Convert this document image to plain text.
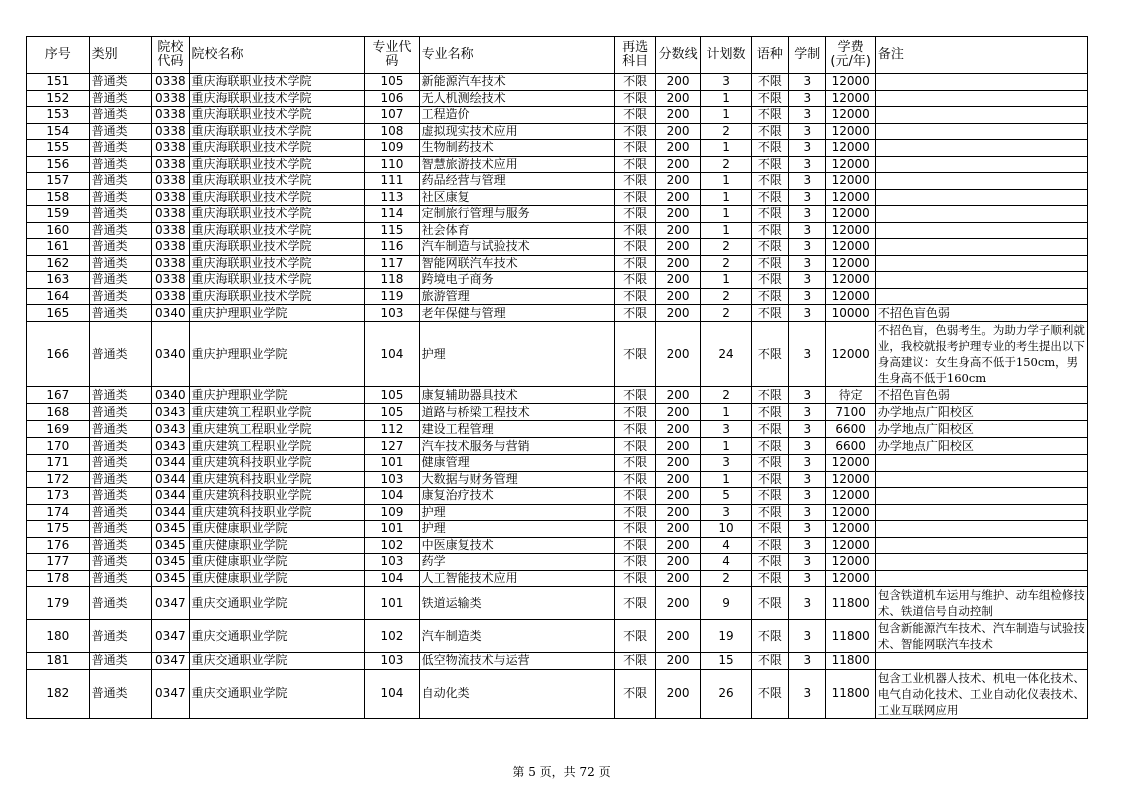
序号	类别	院校代码	院校名称	专业代码	专业名称	再选科目	分数线	计划数	语种	学制	学费(元/年)	备注
151	普通类	0338	重庆海联职业技术学院	105	新能源汽车技术	不限	200	3	不限	3	12000	
152	普通类	0338	重庆海联职业技术学院	106	无人机测绘技术	不限	200	1	不限	3	12000	
153	普通类	0338	重庆海联职业技术学院	107	工程造价	不限	200	1	不限	3	12000	
154	普通类	0338	重庆海联职业技术学院	108	虚拟现实技术应用	不限	200	2	不限	3	12000	
155	普通类	0338	重庆海联职业技术学院	109	生物制药技术	不限	200	1	不限	3	12000	
156	普通类	0338	重庆海联职业技术学院	110	智慧旅游技术应用	不限	200	2	不限	3	12000	
157	普通类	0338	重庆海联职业技术学院	111	药品经营与管理	不限	200	1	不限	3	12000	
158	普通类	0338	重庆海联职业技术学院	113	社区康复	不限	200	1	不限	3	12000	
159	普通类	0338	重庆海联职业技术学院	114	定制旅行管理与服务	不限	200	1	不限	3	12000	
160	普通类	0338	重庆海联职业技术学院	115	社会体育	不限	200	1	不限	3	12000	
161	普通类	0338	重庆海联职业技术学院	116	汽车制造与试验技术	不限	200	2	不限	3	12000	
162	普通类	0338	重庆海联职业技术学院	117	智能网联汽车技术	不限	200	2	不限	3	12000	
163	普通类	0338	重庆海联职业技术学院	118	跨境电子商务	不限	200	1	不限	3	12000	
164	普通类	0338	重庆海联职业技术学院	119	旅游管理	不限	200	2	不限	3	12000	
165	普通类	0340	重庆护理职业学院	103	老年保健与管理	不限	200	2	不限	3	10000	不招色盲色弱
166	普通类	0340	重庆护理职业学院	104	护理	不限	200	24	不限	3	12000	不招色盲，色弱考生。为助力学子顺利就业，我校就报考护理专业的考生提出以下身高建议：女生身高不低于150cm，男生身高不低于160cm
167	普通类	0340	重庆护理职业学院	105	康复辅助器具技术	不限	200	2	不限	3	待定	不招色盲色弱
168	普通类	0343	重庆建筑工程职业学院	105	道路与桥梁工程技术	不限	200	1	不限	3	7100	办学地点广阳校区
169	普通类	0343	重庆建筑工程职业学院	112	建设工程管理	不限	200	3	不限	3	6600	办学地点广阳校区
170	普通类	0343	重庆建筑工程职业学院	127	汽车技术服务与营销	不限	200	1	不限	3	6600	办学地点广阳校区
171	普通类	0344	重庆建筑科技职业学院	101	健康管理	不限	200	3	不限	3	12000	
172	普通类	0344	重庆建筑科技职业学院	103	大数据与财务管理	不限	200	1	不限	3	12000	
173	普通类	0344	重庆建筑科技职业学院	104	康复治疗技术	不限	200	5	不限	3	12000	
174	普通类	0344	重庆建筑科技职业学院	109	护理	不限	200	3	不限	3	12000	
175	普通类	0345	重庆健康职业学院	101	护理	不限	200	10	不限	3	12000	
176	普通类	0345	重庆健康职业学院	102	中医康复技术	不限	200	4	不限	3	12000	
177	普通类	0345	重庆健康职业学院	103	药学	不限	200	4	不限	3	12000	
178	普通类	0345	重庆健康职业学院	104	人工智能技术应用	不限	200	2	不限	3	12000	
179	普通类	0347	重庆交通职业学院	101	铁道运输类	不限	200	9	不限	3	11800	包含铁道机车运用与维护、动车组检修技术、铁道信号自动控制
180	普通类	0347	重庆交通职业学院	102	汽车制造类	不限	200	19	不限	3	11800	包含新能源汽车技术、汽车制造与试验技术、智能网联汽车技术
181	普通类	0347	重庆交通职业学院	103	低空物流技术与运营	不限	200	15	不限	3	11800	
182	普通类	0347	重庆交通职业学院	104	自动化类	不限	200	26	不限	3	11800	包含工业机器人技术、机电一体化技术、电气自动化技术、工业自动化仪表技术、工业互联网应用
第 5 页，共 72 页
